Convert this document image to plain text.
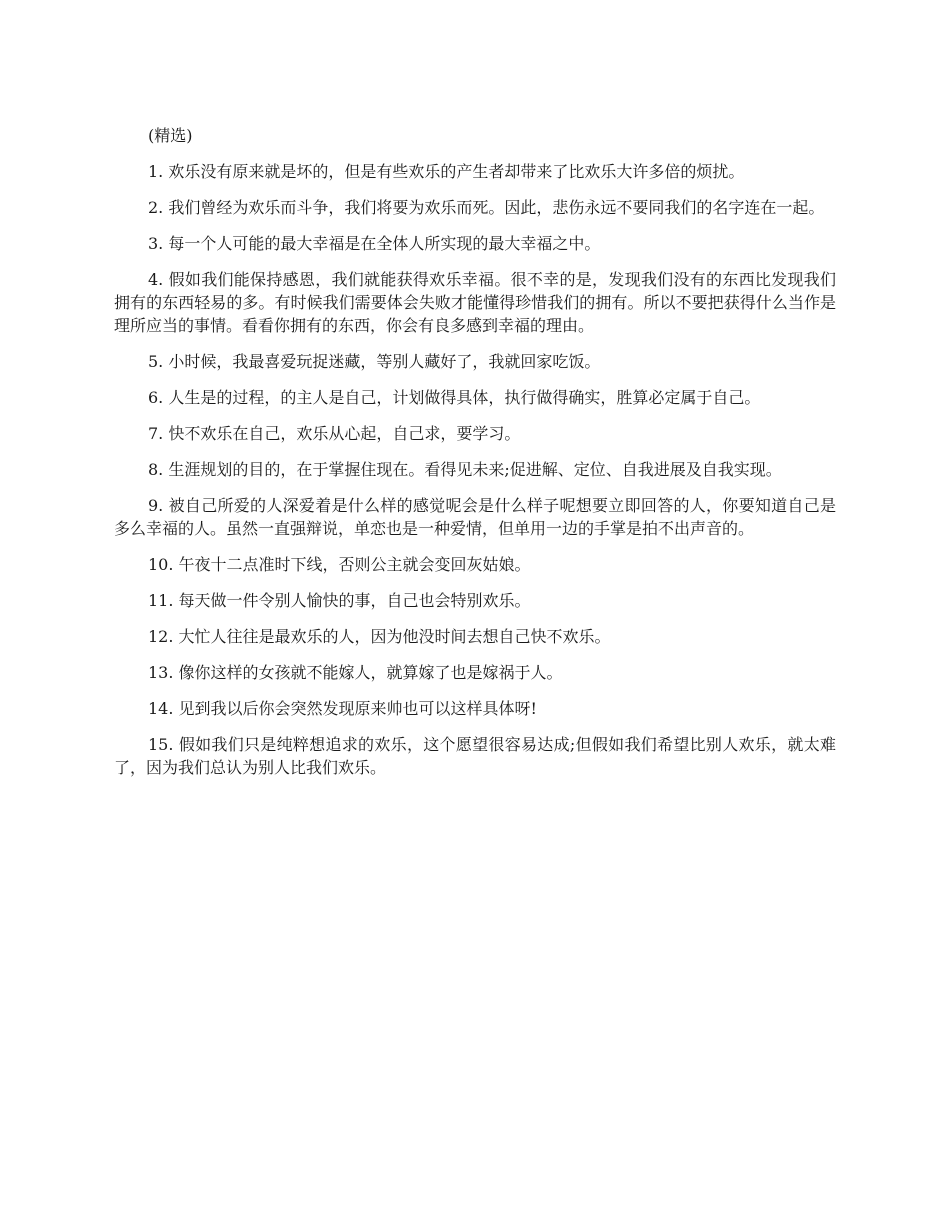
(精选)

1. 欢乐没有原来就是坏的，但是有些欢乐的产生者却带来了比欢乐大许多倍的烦扰。

2. 我们曾经为欢乐而斗争，我们将要为欢乐而死。因此，悲伤永远不要同我们的名字连在一起。

3. 每一个人可能的最大幸福是在全体人所实现的最大幸福之中。

4. 假如我们能保持感恩，我们就能获得欢乐幸福。很不幸的是，发现我们没有的东西比发现我们拥有的东西轻易的多。有时候我们需要体会失败才能懂得珍惜我们的拥有。所以不要把获得什么当作是理所应当的事情。看看你拥有的东西，你会有良多感到幸福的理由。

5. 小时候，我最喜爱玩捉迷藏，等别人藏好了，我就回家吃饭。

6. 人生是的过程，的主人是自己，计划做得具体，执行做得确实，胜算必定属于自己。

7. 快不欢乐在自己，欢乐从心起，自己求，要学习。

8. 生涯规划的目的，在于掌握住现在。看得见未来;促进解、定位、自我进展及自我实现。

9. 被自己所爱的人深爱着是什么样的感觉呢会是什么样子呢想要立即回答的人，你要知道自己是多么幸福的人。虽然一直强辩说，单恋也是一种爱情，但单用一边的手掌是拍不出声音的。

10. 午夜十二点准时下线，否则公主就会变回灰姑娘。

11. 每天做一件令别人愉快的事，自己也会特别欢乐。

12. 大忙人往往是最欢乐的人，因为他没时间去想自己快不欢乐。

13. 像你这样的女孩就不能嫁人，就算嫁了也是嫁祸于人。

14. 见到我以后你会突然发现原来帅也可以这样具体呀!

15. 假如我们只是纯粹想追求的欢乐，这个愿望很容易达成;但假如我们希望比别人欢乐，就太难了，因为我们总认为别人比我们欢乐。
